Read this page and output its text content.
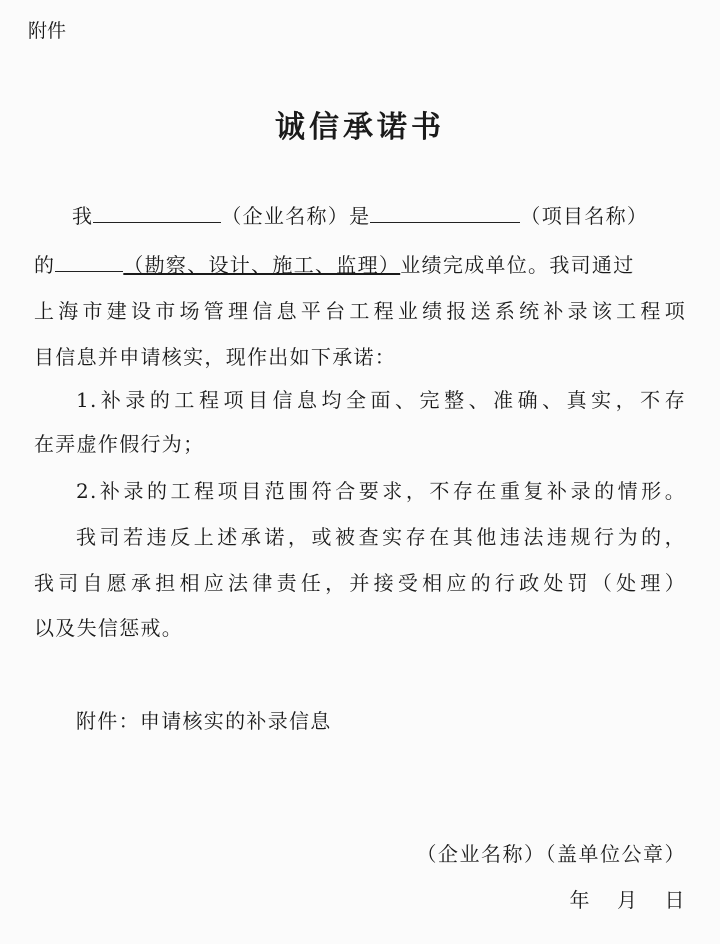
附件
诚信承诺书
我	（企业名称）是	（项目名称）
的	（勘察、设计、施工、监理）业绩完成单位。我司通过
上海市建设市场管理信息平台工程业绩报送系统补录该工程项
目信息并申请核实，现作出如下承诺：
1.补录的工程项目信息均全面、完整、准确、真实，不存
在弄虚作假行为；
2.补录的工程项目范围符合要求，不存在重复补录的情形。
我司若违反上述承诺，或被查实存在其他违法违规行为的，
我司自愿承担相应法律责任，并接受相应的行政处罚（处理）
以及失信惩戒。
附件：申请核实的补录信息
（企业名称）（盖单位公章）
年 月 日
